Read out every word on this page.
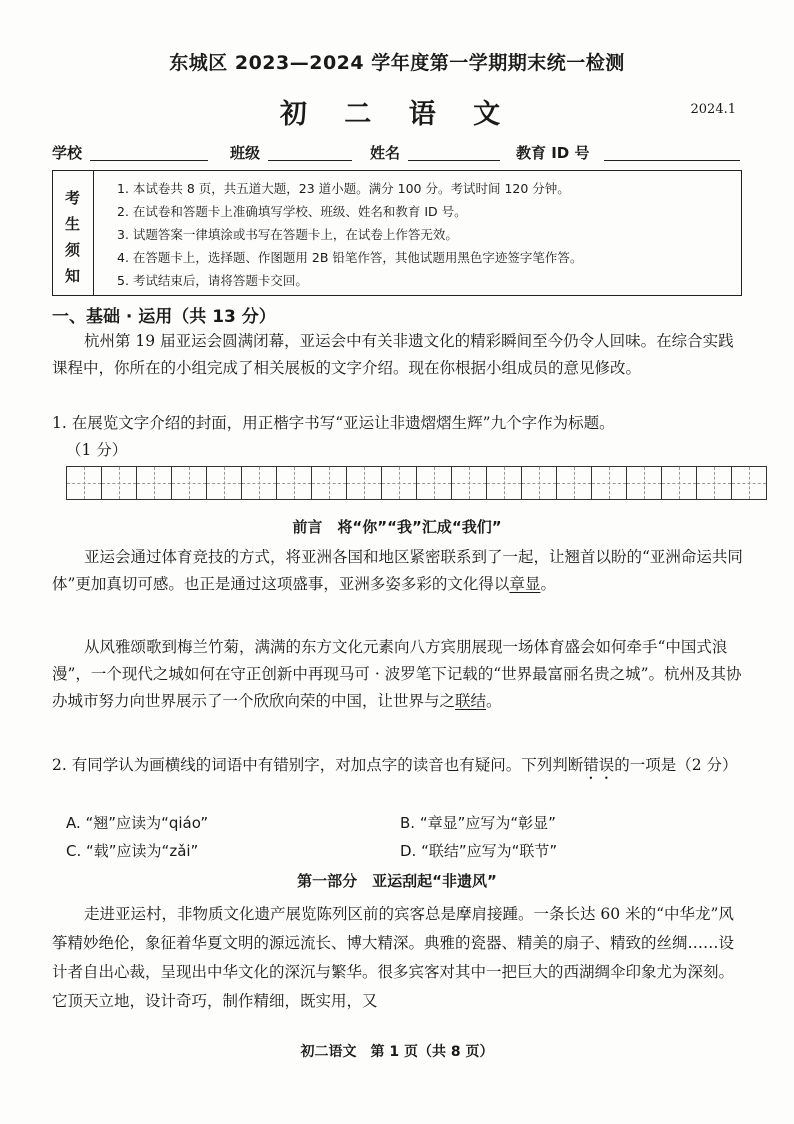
东城区 2023—2024 学年度第一学期期末统一检测
初 二 语 文	2024.1
学校	班级	姓名	教育 ID 号
考
生
须
知
1. 本试卷共 8 页，共五道大题，23 道小题。满分 100 分。考试时间 120 分钟。
2. 在试卷和答题卡上准确填写学校、班级、姓名和教育 ID 号。
3. 试题答案一律填涂或书写在答题卡上，在试卷上作答无效。
4. 在答题卡上，选择题、作图题用 2B 铅笔作答，其他试题用黑色字迹签字笔作答。
5. 考试结束后，请将答题卡交回。
一、基础 · 运用（共 13 分）
杭州第 19 届亚运会圆满闭幕，亚运会中有关非遗文化的精彩瞬间至今仍令人回味。在综合实践课程中，你所在的小组完成了相关展板的文字介绍。现在你根据小组成员的意见修改。
1. 在展览文字介绍的封面，用正楷字书写“亚运让非遗熠熠生辉”九个字作为标题。
（1 分）
前言　将“你”“我”汇成“我们”
亚运会通过体育竞技的方式，将亚洲各国和地区紧密联系到了一起，让翘首以盼的“亚洲命运共同体”更加真切可感。也正是通过这项盛事，亚洲多姿多彩的文化得以章显。
从风雅颂歌到梅兰竹菊，满满的东方文化元素向八方宾朋展现一场体育盛会如何牵手“中国式浪漫”，一个现代之城如何在守正创新中再现马可 · 波罗笔下记载的“世界最富丽名贵之城”。杭州及其协办城市努力向世界展示了一个欣欣向荣的中国，让世界与之联结。
2. 有同学认为画横线的词语中有错别字，对加点字的读音也有疑问。下列判断错误的一项是（2 分）
A. “翘”应读为“qiáo”	B. “章显”应写为“彰显”
C. “载”应读为“zǎi”	D. “联结”应写为“联节”
第一部分　亚运刮起“非遗风”
走进亚运村，非物质文化遗产展览陈列区前的宾客总是摩肩接踵。一条长达 60 米的“中华龙”风筝精妙绝伦，象征着华夏文明的源远流长、博大精深。典雅的瓷器、精美的扇子、精致的丝绸……设计者自出心裁，呈现出中华文化的深沉与繁华。很多宾客对其中一把巨大的西湖绸伞印象尤为深刻。它顶天立地，设计奇巧，制作精细，既实用，又
初二语文　第 1 页（共 8 页）
